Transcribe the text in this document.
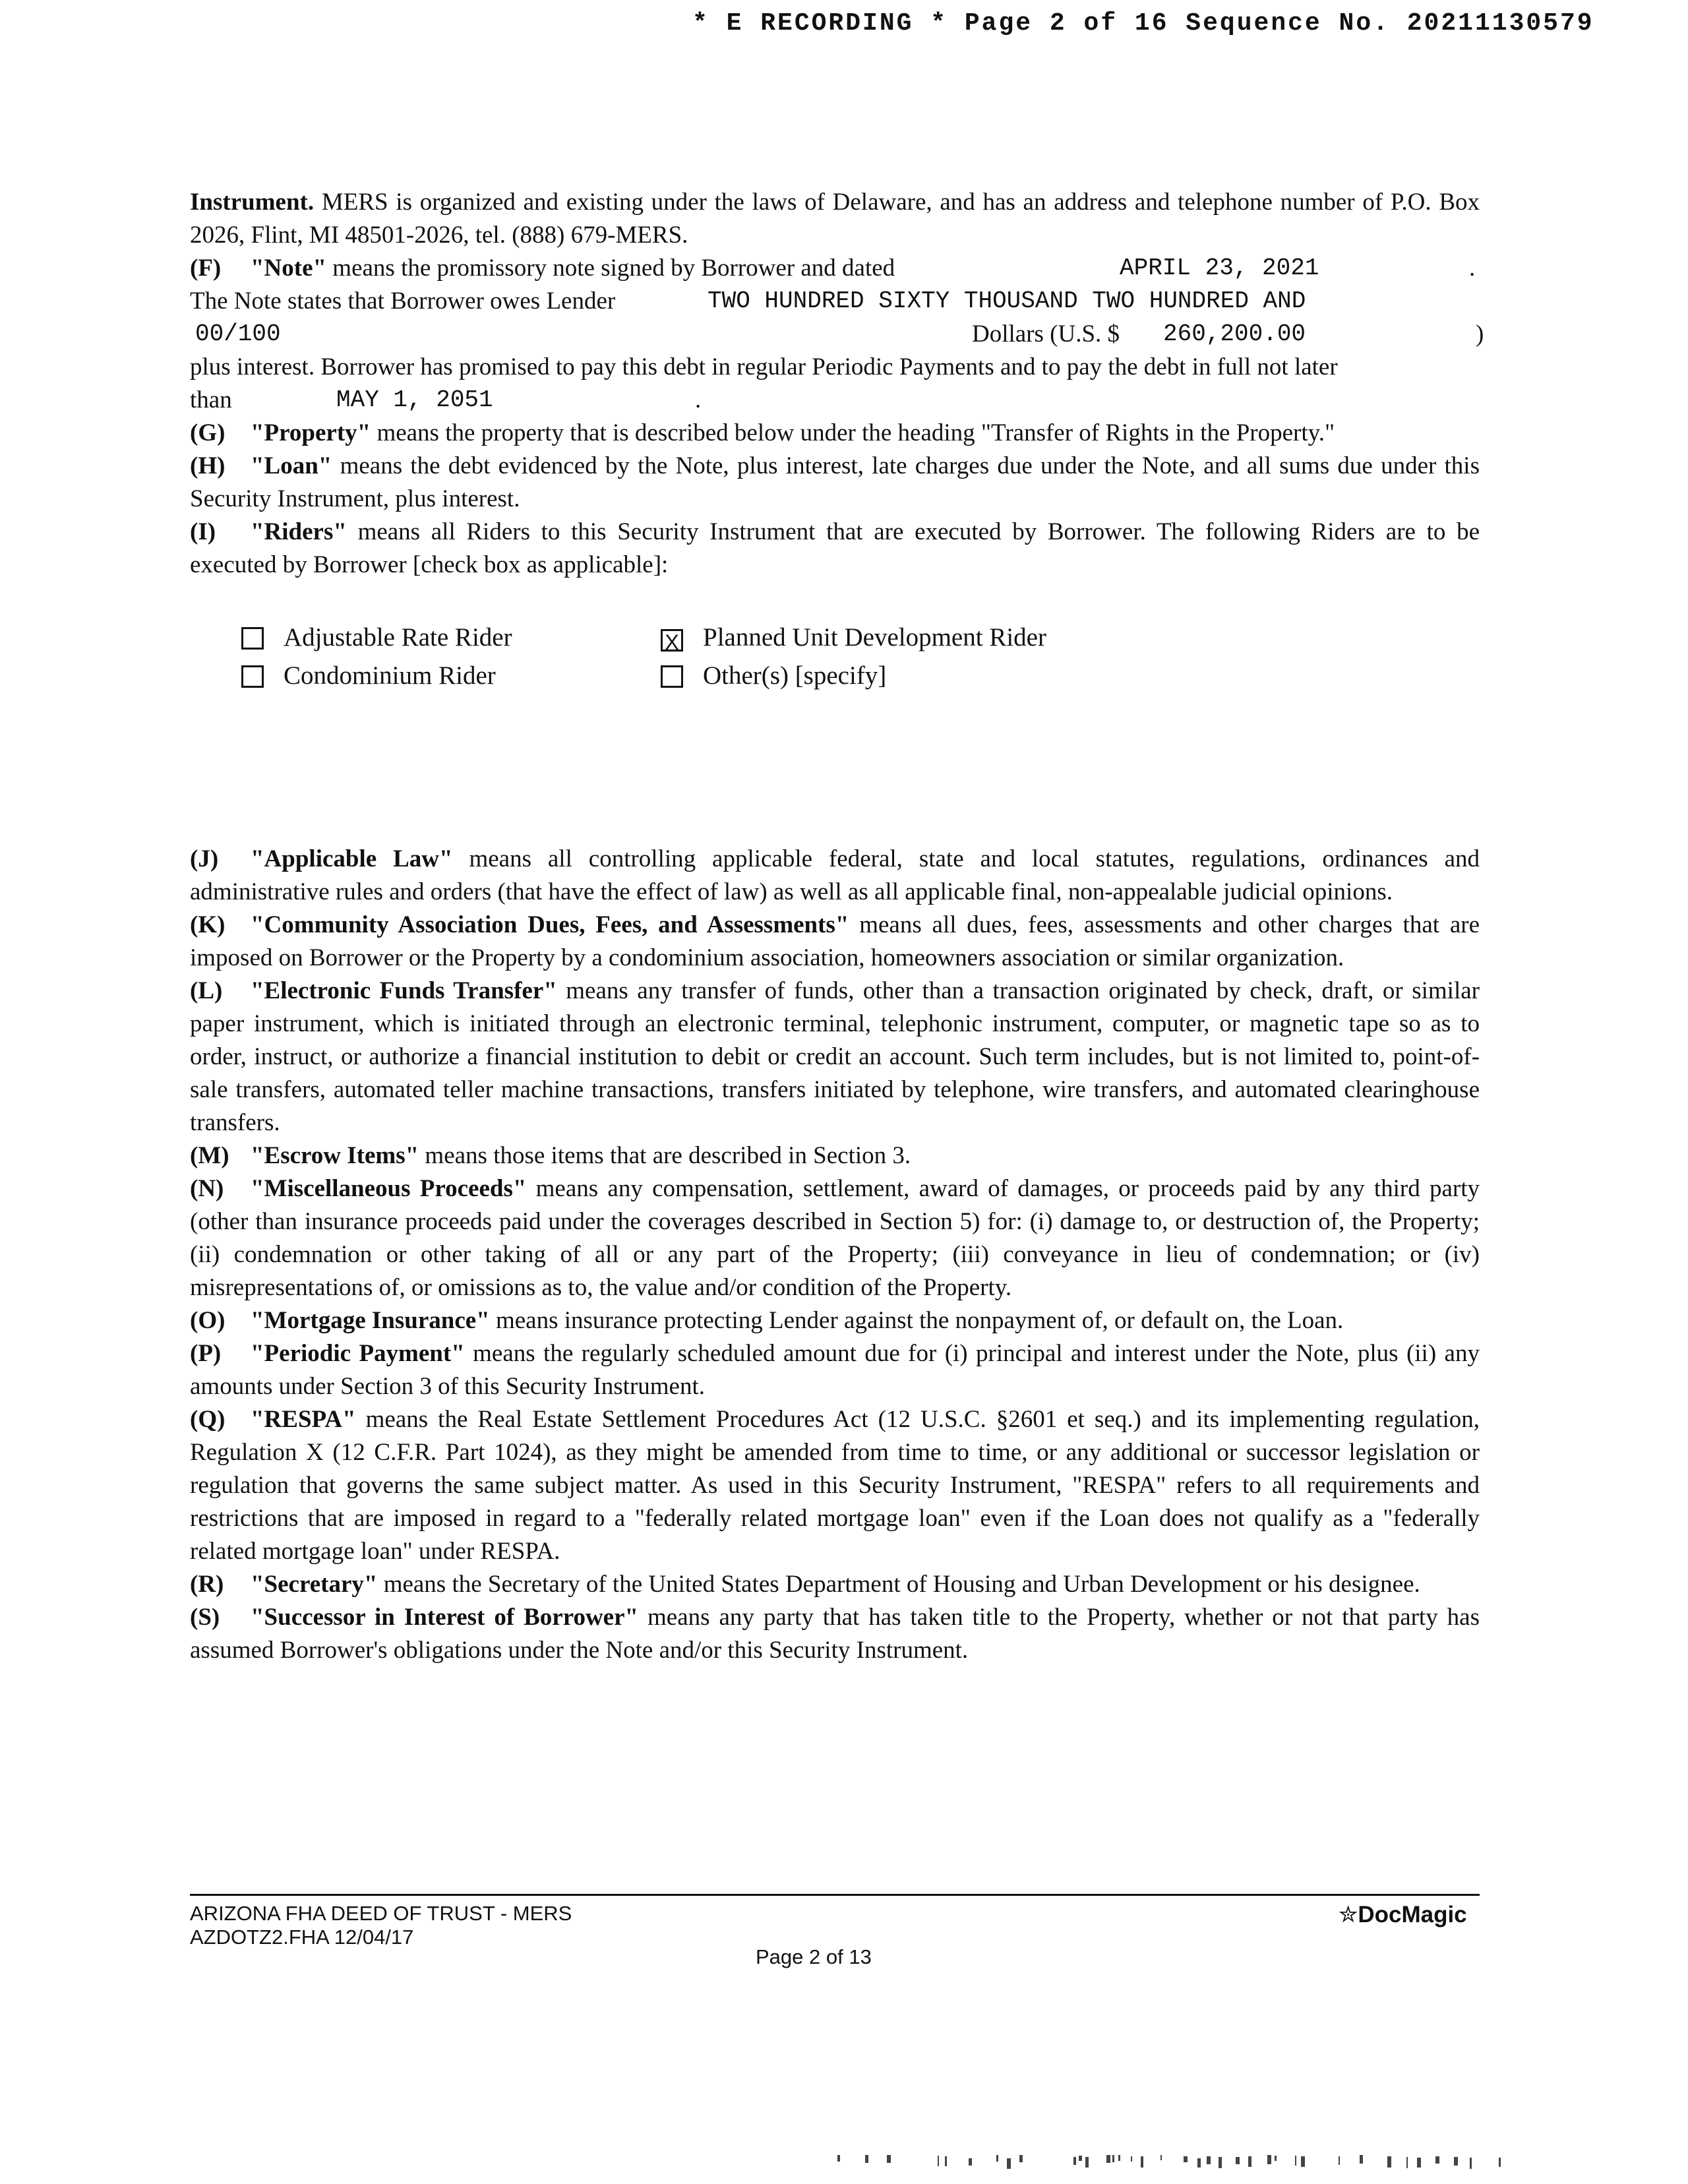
* E RECORDING * Page 2 of 16 Sequence No. 20211130579

Instrument. MERS is organized and existing under the laws of Delaware, and has an address and telephone number of P.O. Box 2026, Flint, MI 48501-2026, tel. (888) 679-MERS.

(F) "Note" means the promissory note signed by Borrower and dated	APRIL 23, 2021	.
The Note states that Borrower owes Lender	TWO HUNDRED SIXTY THOUSAND TWO HUNDRED AND
00/100	Dollars (U.S. $ 260,200.00	)

plus interest. Borrower has promised to pay this debt in regular Periodic Payments and to pay the debt in full not later

than	MAY 1, 2051	.

(G) "Property" means the property that is described below under the heading "Transfer of Rights in the Property."

(H) "Loan" means the debt evidenced by the Note, plus interest, late charges due under the Note, and all sums due under this Security Instrument, plus interest.

(I) "Riders" means all Riders to this Security Instrument that are executed by Borrower. The following Riders are to be executed by Borrower [check box as applicable]:

Adjustable Rate Rider	X Planned Unit Development Rider
Condominium Rider	Other(s) [specify]

(J) "Applicable Law" means all controlling applicable federal, state and local statutes, regulations, ordinances and administrative rules and orders (that have the effect of law) as well as all applicable final, non-appealable judicial opinions.

(K) "Community Association Dues, Fees, and Assessments" means all dues, fees, assessments and other charges that are imposed on Borrower or the Property by a condominium association, homeowners association or similar organization.

(L) "Electronic Funds Transfer" means any transfer of funds, other than a transaction originated by check, draft, or similar paper instrument, which is initiated through an electronic terminal, telephonic instrument, computer, or magnetic tape so as to order, instruct, or authorize a financial institution to debit or credit an account. Such term includes, but is not limited to, point-of-sale transfers, automated teller machine transactions, transfers initiated by telephone, wire transfers, and automated clearinghouse transfers.

(M) "Escrow Items" means those items that are described in Section 3.

(N) "Miscellaneous Proceeds" means any compensation, settlement, award of damages, or proceeds paid by any third party (other than insurance proceeds paid under the coverages described in Section 5) for: (i) damage to, or destruction of, the Property; (ii) condemnation or other taking of all or any part of the Property; (iii) conveyance in lieu of condemnation; or (iv) misrepresentations of, or omissions as to, the value and/or condition of the Property.

(O) "Mortgage Insurance" means insurance protecting Lender against the nonpayment of, or default on, the Loan.

(P) "Periodic Payment" means the regularly scheduled amount due for (i) principal and interest under the Note, plus (ii) any amounts under Section 3 of this Security Instrument.

(Q) "RESPA" means the Real Estate Settlement Procedures Act (12 U.S.C. §2601 et seq.) and its implementing regulation, Regulation X (12 C.F.R. Part 1024), as they might be amended from time to time, or any additional or successor legislation or regulation that governs the same subject matter. As used in this Security Instrument, "RESPA" refers to all requirements and restrictions that are imposed in regard to a "federally related mortgage loan" even if the Loan does not qualify as a "federally related mortgage loan" under RESPA.

(R) "Secretary" means the Secretary of the United States Department of Housing and Urban Development or his designee.

(S) "Successor in Interest of Borrower" means any party that has taken title to the Property, whether or not that party has assumed Borrower's obligations under the Note and/or this Security Instrument.

ARIZONA FHA DEED OF TRUST - MERS
AZDOTZ2.FHA 12/04/17
✮DocMagic
Page 2 of 13
